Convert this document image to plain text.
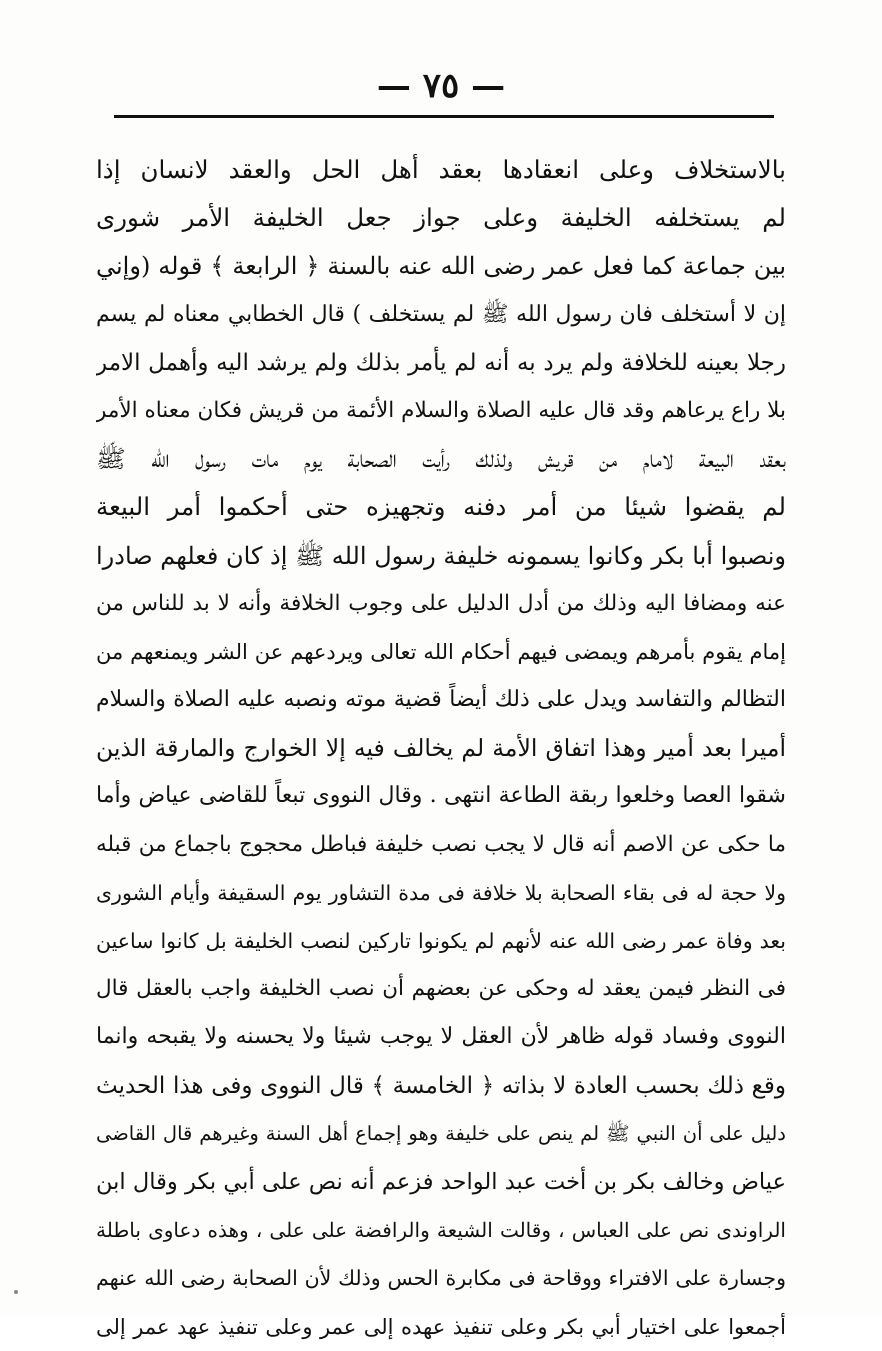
— ٧٥ —
بالاستخلاف وعلى انعقادها بعقد أهل الحل والعقد لانسان إذا
لم يستخلفه الخليفة وعلى جواز جعل الخليفة الأمر شورى
بين جماعة كما فعل عمر رضى الله عنه بالسنة ﴿ الرابعة ﴾ قوله (وإني
إن لا أستخلف فان رسول الله ﷺ لم يستخلف ) قال الخطابي معناه لم يسم
رجلا بعينه للخلافة ولم يرد به أنه لم يأمر بذلك ولم يرشد اليه وأهمل الامر
بلا راع يرعاهم وقد قال عليه الصلاة والسلام الأئمة من قريش فكان معناه الأمر
بعقد البيعة لامام من قريش ولذلك رأيت الصحابة يوم مات رسول الله ﷺ
لم يقضوا شيئا من أمر دفنه وتجهيزه حتى أحكموا أمر البيعة
ونصبوا أبا بكر وكانوا يسمونه خليفة رسول الله ﷺ إذ كان فعلهم صادرا
عنه ومضافا اليه وذلك من أدل الدليل على وجوب الخلافة وأنه لا بد للناس من
إمام يقوم بأمرهم ويمضى فيهم أحكام الله تعالى ويردعهم عن الشر ويمنعهم من
التظالم والتفاسد ويدل على ذلك أيضاً قضية موته ونصبه عليه الصلاة والسلام
أميرا بعد أمير وهذا اتفاق الأمة لم يخالف فيه إلا الخوارج والمارقة الذين
شقوا العصا وخلعوا ربقة الطاعة انتهى . وقال النووى تبعاً للقاضى عياض وأما
ما حكى عن الاصم أنه قال لا يجب نصب خليفة فباطل محجوج باجماع من قبله
ولا حجة له فى بقاء الصحابة بلا خلافة فى مدة التشاور يوم السقيفة وأيام الشورى
بعد وفاة عمر رضى الله عنه لأنهم لم يكونوا تاركين لنصب الخليفة بل كانوا ساعين
فى النظر فيمن يعقد له وحكى عن بعضهم أن نصب الخليفة واجب بالعقل قال
النووى وفساد قوله ظاهر لأن العقل لا يوجب شيئا ولا يحسنه ولا يقبحه وانما
وقع ذلك بحسب العادة لا بذاته ﴿ الخامسة ﴾ قال النووى وفى هذا الحديث
دليل على أن النبي ﷺ لم ينص على خليفة وهو إجماع أهل السنة وغيرهم قال القاضى
عياض وخالف بكر بن أخت عبد الواحد فزعم أنه نص على أبي بكر وقال ابن
الراوندى نص على العباس ، وقالت الشيعة والرافضة على على ، وهذه دعاوى باطلة
وجسارة على الافتراء ووقاحة فى مكابرة الحس وذلك لأن الصحابة رضى الله عنهم
أجمعوا على اختيار أبي بكر وعلى تنفيذ عهده إلى عمر وعلى تنفيذ عهد عمر إلى
